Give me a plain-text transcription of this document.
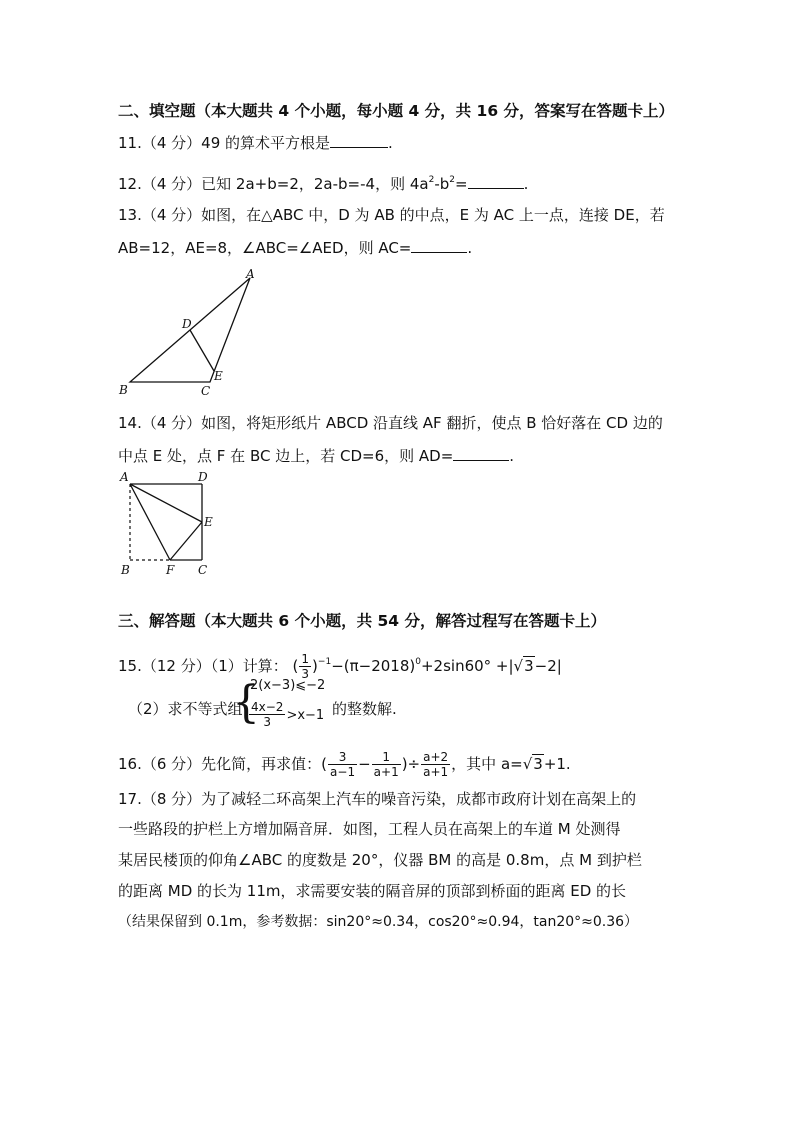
二、填空题（本大题共 4 个小题，每小题 4 分，共 16 分，答案写在答题卡上）
11.（4 分）49 的算术平方根是	.
12.（4 分）已知 2a+b=2，2a-b=-4，则 $4a^2-b^2=$	.
13.（4 分）如图，在△ABC 中，D 为 AB 的中点，E 为 AC 上一点，连接 DE，若
AB=12，AE=8，∠ABC=∠AED，则 AC=	.
A
B	C
D
E
14.（4 分）如图，将矩形纸片 ABCD 沿直线 AF 翻折，使点 B 恰好落在 CD 边的
中点 E 处，点 F 在 BC 边上，若 CD=6，则 AD=	.
A	D
E
B	F C
三、解答题（本大题共 6 个小题，共 54 分，解答过程写在答题卡上）
15.（12 分）（1）计算： ( $\frac{1}{3} )^{-1}-(\pi-2018)^0+2\sin 60^\circ +|√3-2|$
（2）求不等式组
{
2(x−3)⩽−2
$\frac{4x-2}{3} >x-1$ 的整数解.
16.（6 分）先化简，再求值：( $\frac{3}{a-1} - \frac{1}{a+1}$ )÷ $\frac{a+2}{a+1}$ ，其中 a=√3+1.
17.（8 分）为了减轻二环高架上汽车的噪音污染，成都市政府计划在高架上的
一些路段的护栏上方增加隔音屏．如图，工程人员在高架上的车道 M 处测得
某居民楼顶的仰角∠ABC 的度数是 20°，仪器 BM 的高是 0.8m，点 M 到护栏
的距离 MD 的长为 11m，求需要安装的隔音屏的顶部到桥面的距离 ED 的长
（结果保留到 0.1m，参考数据：sin20°≈0.34，cos20°≈0.94，tan20°≈0.36）
